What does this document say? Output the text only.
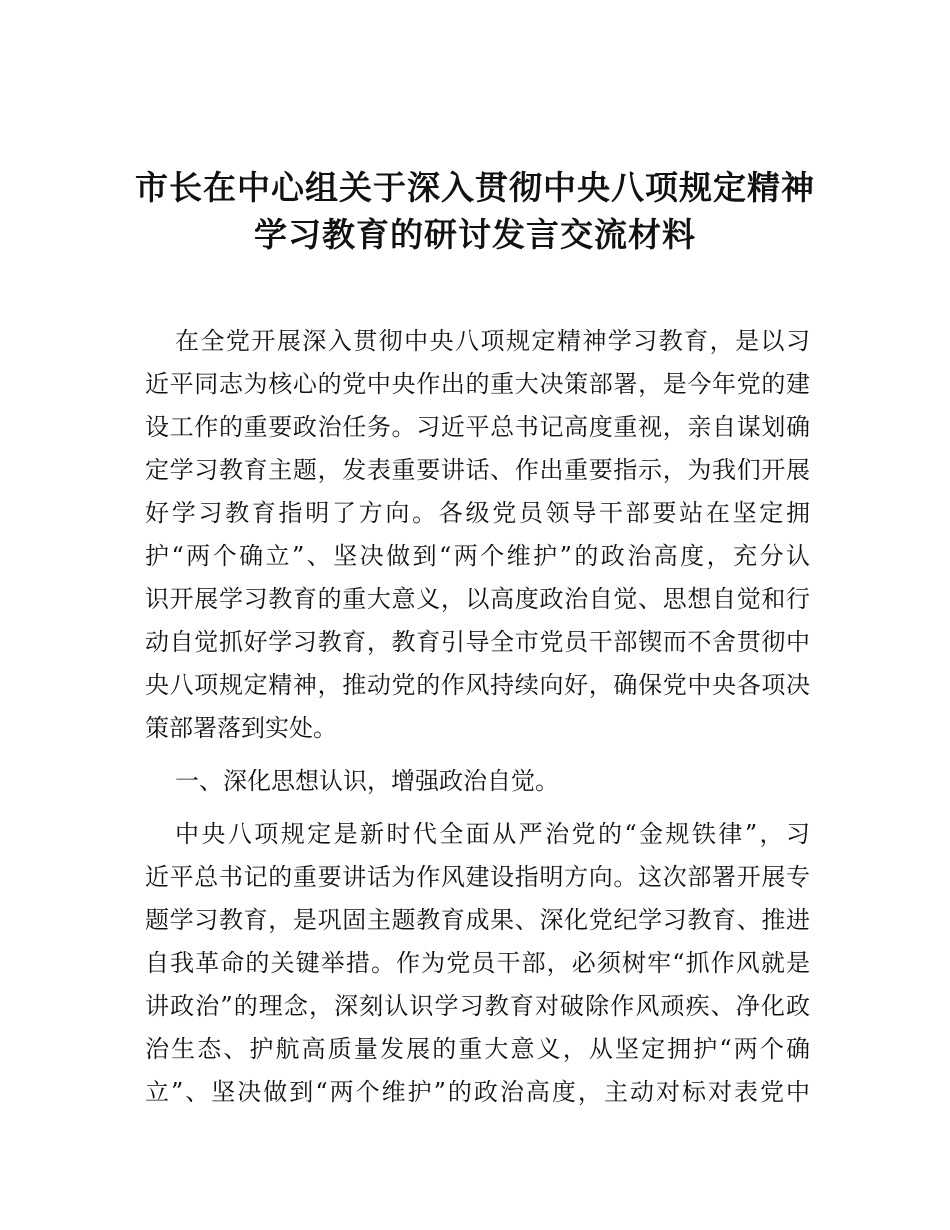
市长在中心组关于深入贯彻中央八项规定精神
学习教育的研讨发言交流材料
在全党开展深入贯彻中央八项规定精神学习教育，是以习
近平同志为核心的党中央作出的重大决策部署，是今年党的建
设工作的重要政治任务。习近平总书记高度重视，亲自谋划确
定学习教育主题，发表重要讲话、作出重要指示，为我们开展
好学习教育指明了方向。各级党员领导干部要站在坚定拥
护“两个确立”、坚决做到“两个维护”的政治高度，充分认
识开展学习教育的重大意义，以高度政治自觉、思想自觉和行
动自觉抓好学习教育，教育引导全市党员干部锲而不舍贯彻中
央八项规定精神，推动党的作风持续向好，确保党中央各项决
策部署落到实处。
一、深化思想认识，增强政治自觉。
中央八项规定是新时代全面从严治党的“金规铁律”，习
近平总书记的重要讲话为作风建设指明方向。这次部署开展专
题学习教育，是巩固主题教育成果、深化党纪学习教育、推进
自我革命的关键举措。作为党员干部，必须树牢“抓作风就是
讲政治”的理念，深刻认识学习教育对破除作风顽疾、净化政
治生态、护航高质量发展的重大意义，从坚定拥护“两个确
立”、坚决做到“两个维护”的政治高度，主动对标对表党中
